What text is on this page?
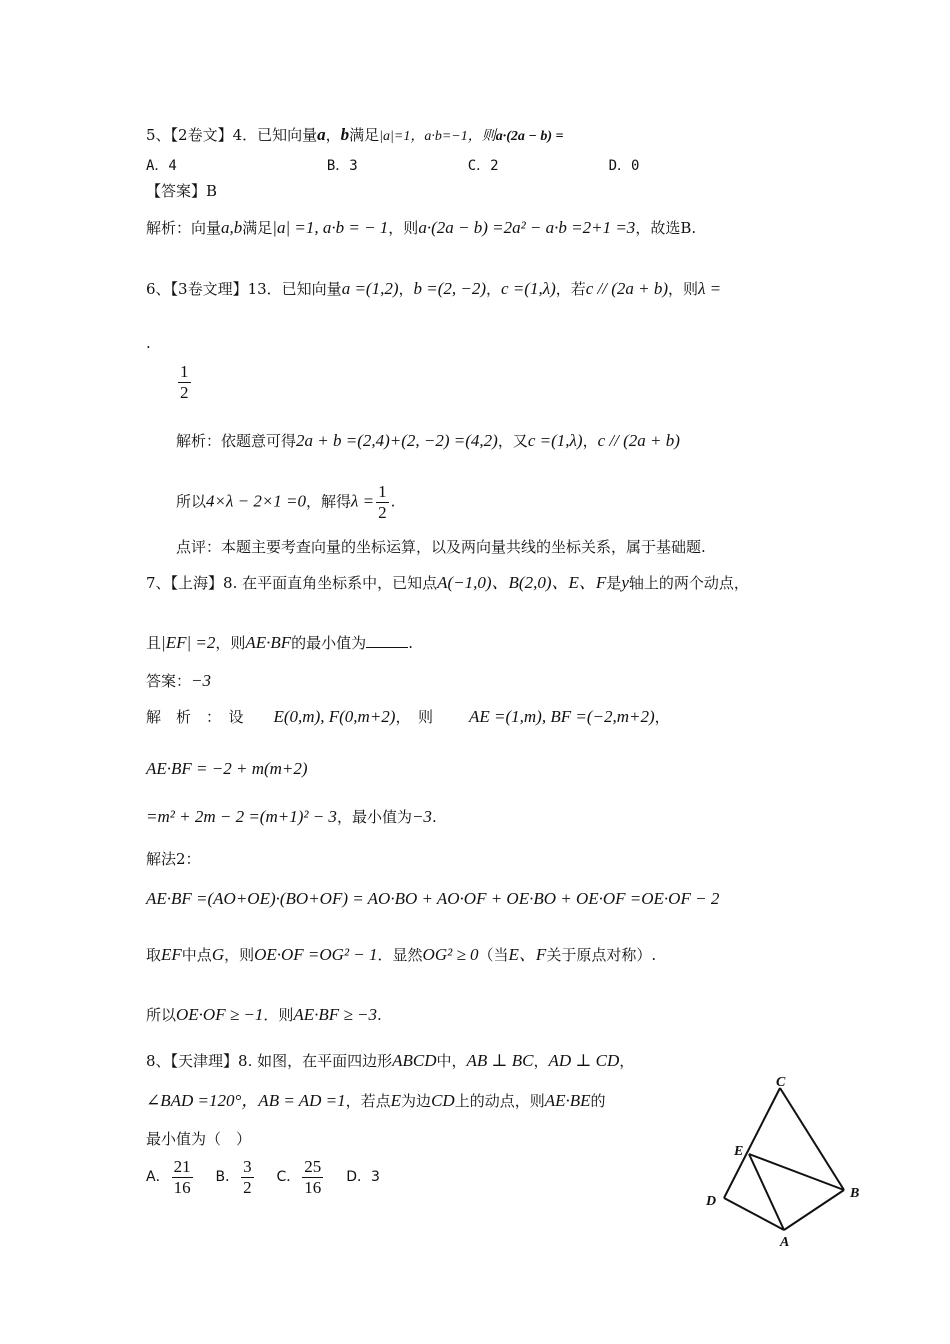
5、【2卷文】4．已知向量a，b满足|a|=1，a·b=−1，则a·(2a − b) =
A．4	B．3	C．2	D．0
【答案】B
解析：向量a,b满足|a| =1, a·b = − 1，则a·(2a − b) =2a² − a·b =2+1 =3，故选B.
6、【3卷文理】13．已知向量a =(1,2)，b =(2, −2)，c =(1,λ)，若c // (2a + b)，则λ =
.
$\frac{1}{2}$
解析：依题意可得2a + b =(2,4)+(2, −2) =(4,2)，又c =(1,λ)，c // (2a + b)
所以4×λ − 2×1 =0，解得$\lambda = \frac{1}{2}$ .
点评：本题主要考查向量的坐标运算，以及两向量共线的坐标关系，属于基础题.
7、【上海】8. 在平面直角坐标系中，已知点A(−1,0)、B(2,0)、E、F是y轴上的两个动点，
且|EF| =2，则AE·BF的最小值为	.
答案：−3
解　析　：　设 E(0,m), F(0,m+2)，　则 AE =(1,m), BF =(−2,m+2)，
AE·BF = −2 + m(m+2)
=m² + 2m − 2 =(m+1)² − 3，最小值为−3.
解法2：
AE·BF =(AO+OE)·(BO+OF) = AO·BO + AO·OF + OE·BO + OE·OF =OE·OF − 2
取EF中点G，则OE·OF =OG² − 1．显然OG² ≥ 0（当E、F关于原点对称）.
所以OE·OF ≥ −1．则AE·BF ≥ −3.
8、【天津理】8. 如图，在平面四边形ABCD中，AB ⊥ BC，AD ⊥ CD，
∠BAD =120°，AB = AD =1，若点E为边CD上的动点，则AE·BE的
最小值为（　）
A． $\frac{21}{16}$ B． $\frac{3}{2}$ C． $\frac{25}{16}$ D．3
C
E
D
B
A
